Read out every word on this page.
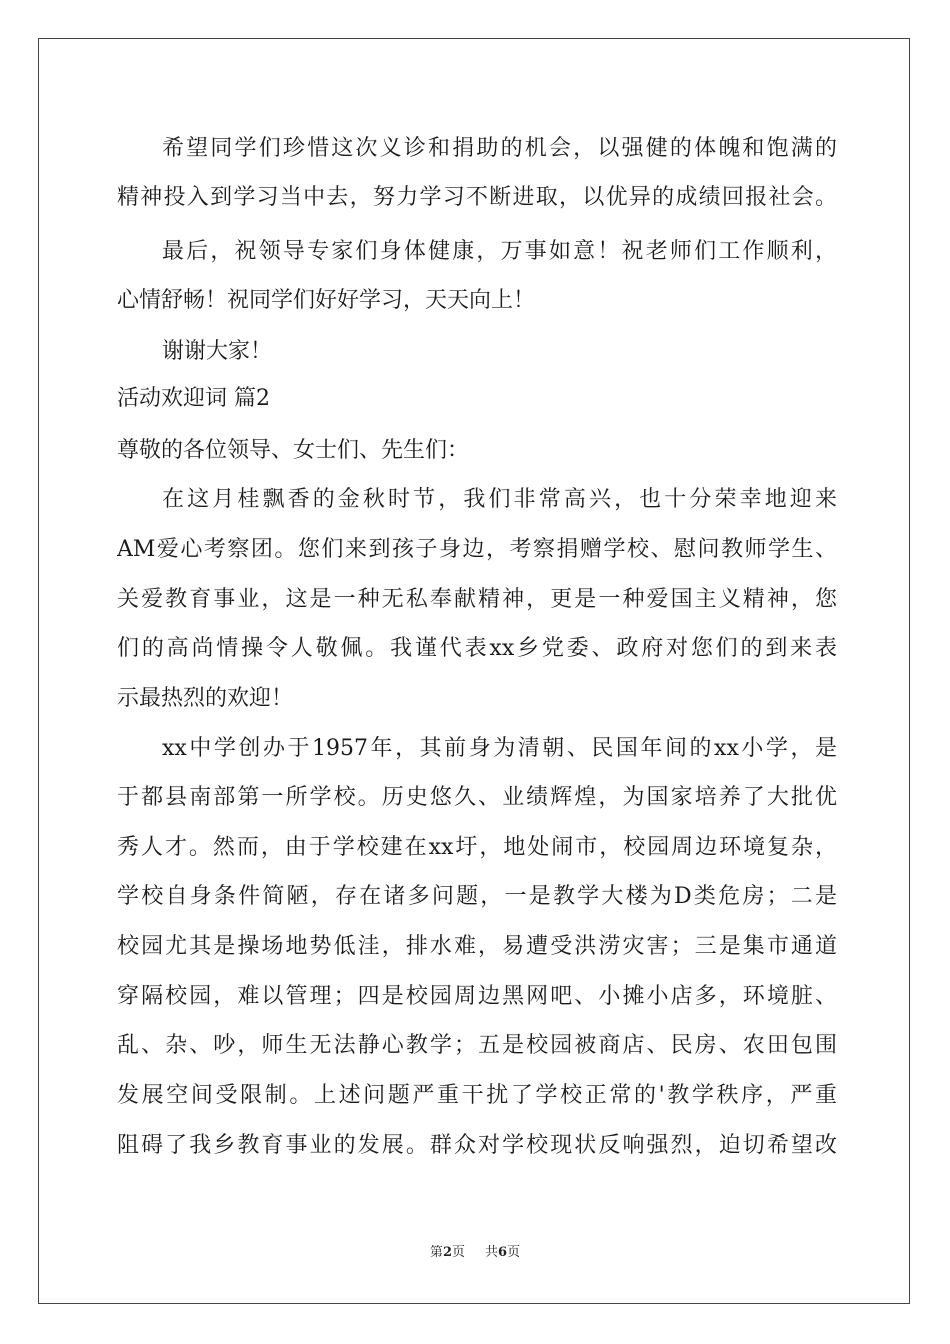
希望同学们珍惜这次义诊和捐助的机会，以强健的体魄和饱满的
精神投入到学习当中去，努力学习不断进取，以优异的成绩回报社会。
最后，祝领导专家们身体健康，万事如意！祝老师们工作顺利，
心情舒畅！祝同学们好好学习，天天向上！
谢谢大家！
活动欢迎词 篇2
尊敬的各位领导、女士们、先生们：
在这月桂飘香的金秋时节，我们非常高兴，也十分荣幸地迎来
AM爱心考察团。您们来到孩子身边，考察捐赠学校、慰问教师学生、
关爱教育事业，这是一种无私奉献精神，更是一种爱国主义精神，您
们的高尚情操令人敬佩。我谨代表xx乡党委、政府对您们的到来表
示最热烈的欢迎！
xx中学创办于1957年，其前身为清朝、民国年间的xx小学，是
于都县南部第一所学校。历史悠久、业绩辉煌，为国家培养了大批优
秀人才。然而，由于学校建在xx圩，地处闹市，校园周边环境复杂，
学校自身条件简陋，存在诸多问题，一是教学大楼为D类危房；二是
校园尤其是操场地势低洼，排水难，易遭受洪涝灾害；三是集市通道
穿隔校园，难以管理；四是校园周边黑网吧、小摊小店多，环境脏、
乱、杂、吵，师生无法静心教学；五是校园被商店、民房、农田包围
发展空间受限制。上述问题严重干扰了学校正常的'教学秩序，严重
阻碍了我乡教育事业的发展。群众对学校现状反响强烈，迫切希望改
第2页 共6页
